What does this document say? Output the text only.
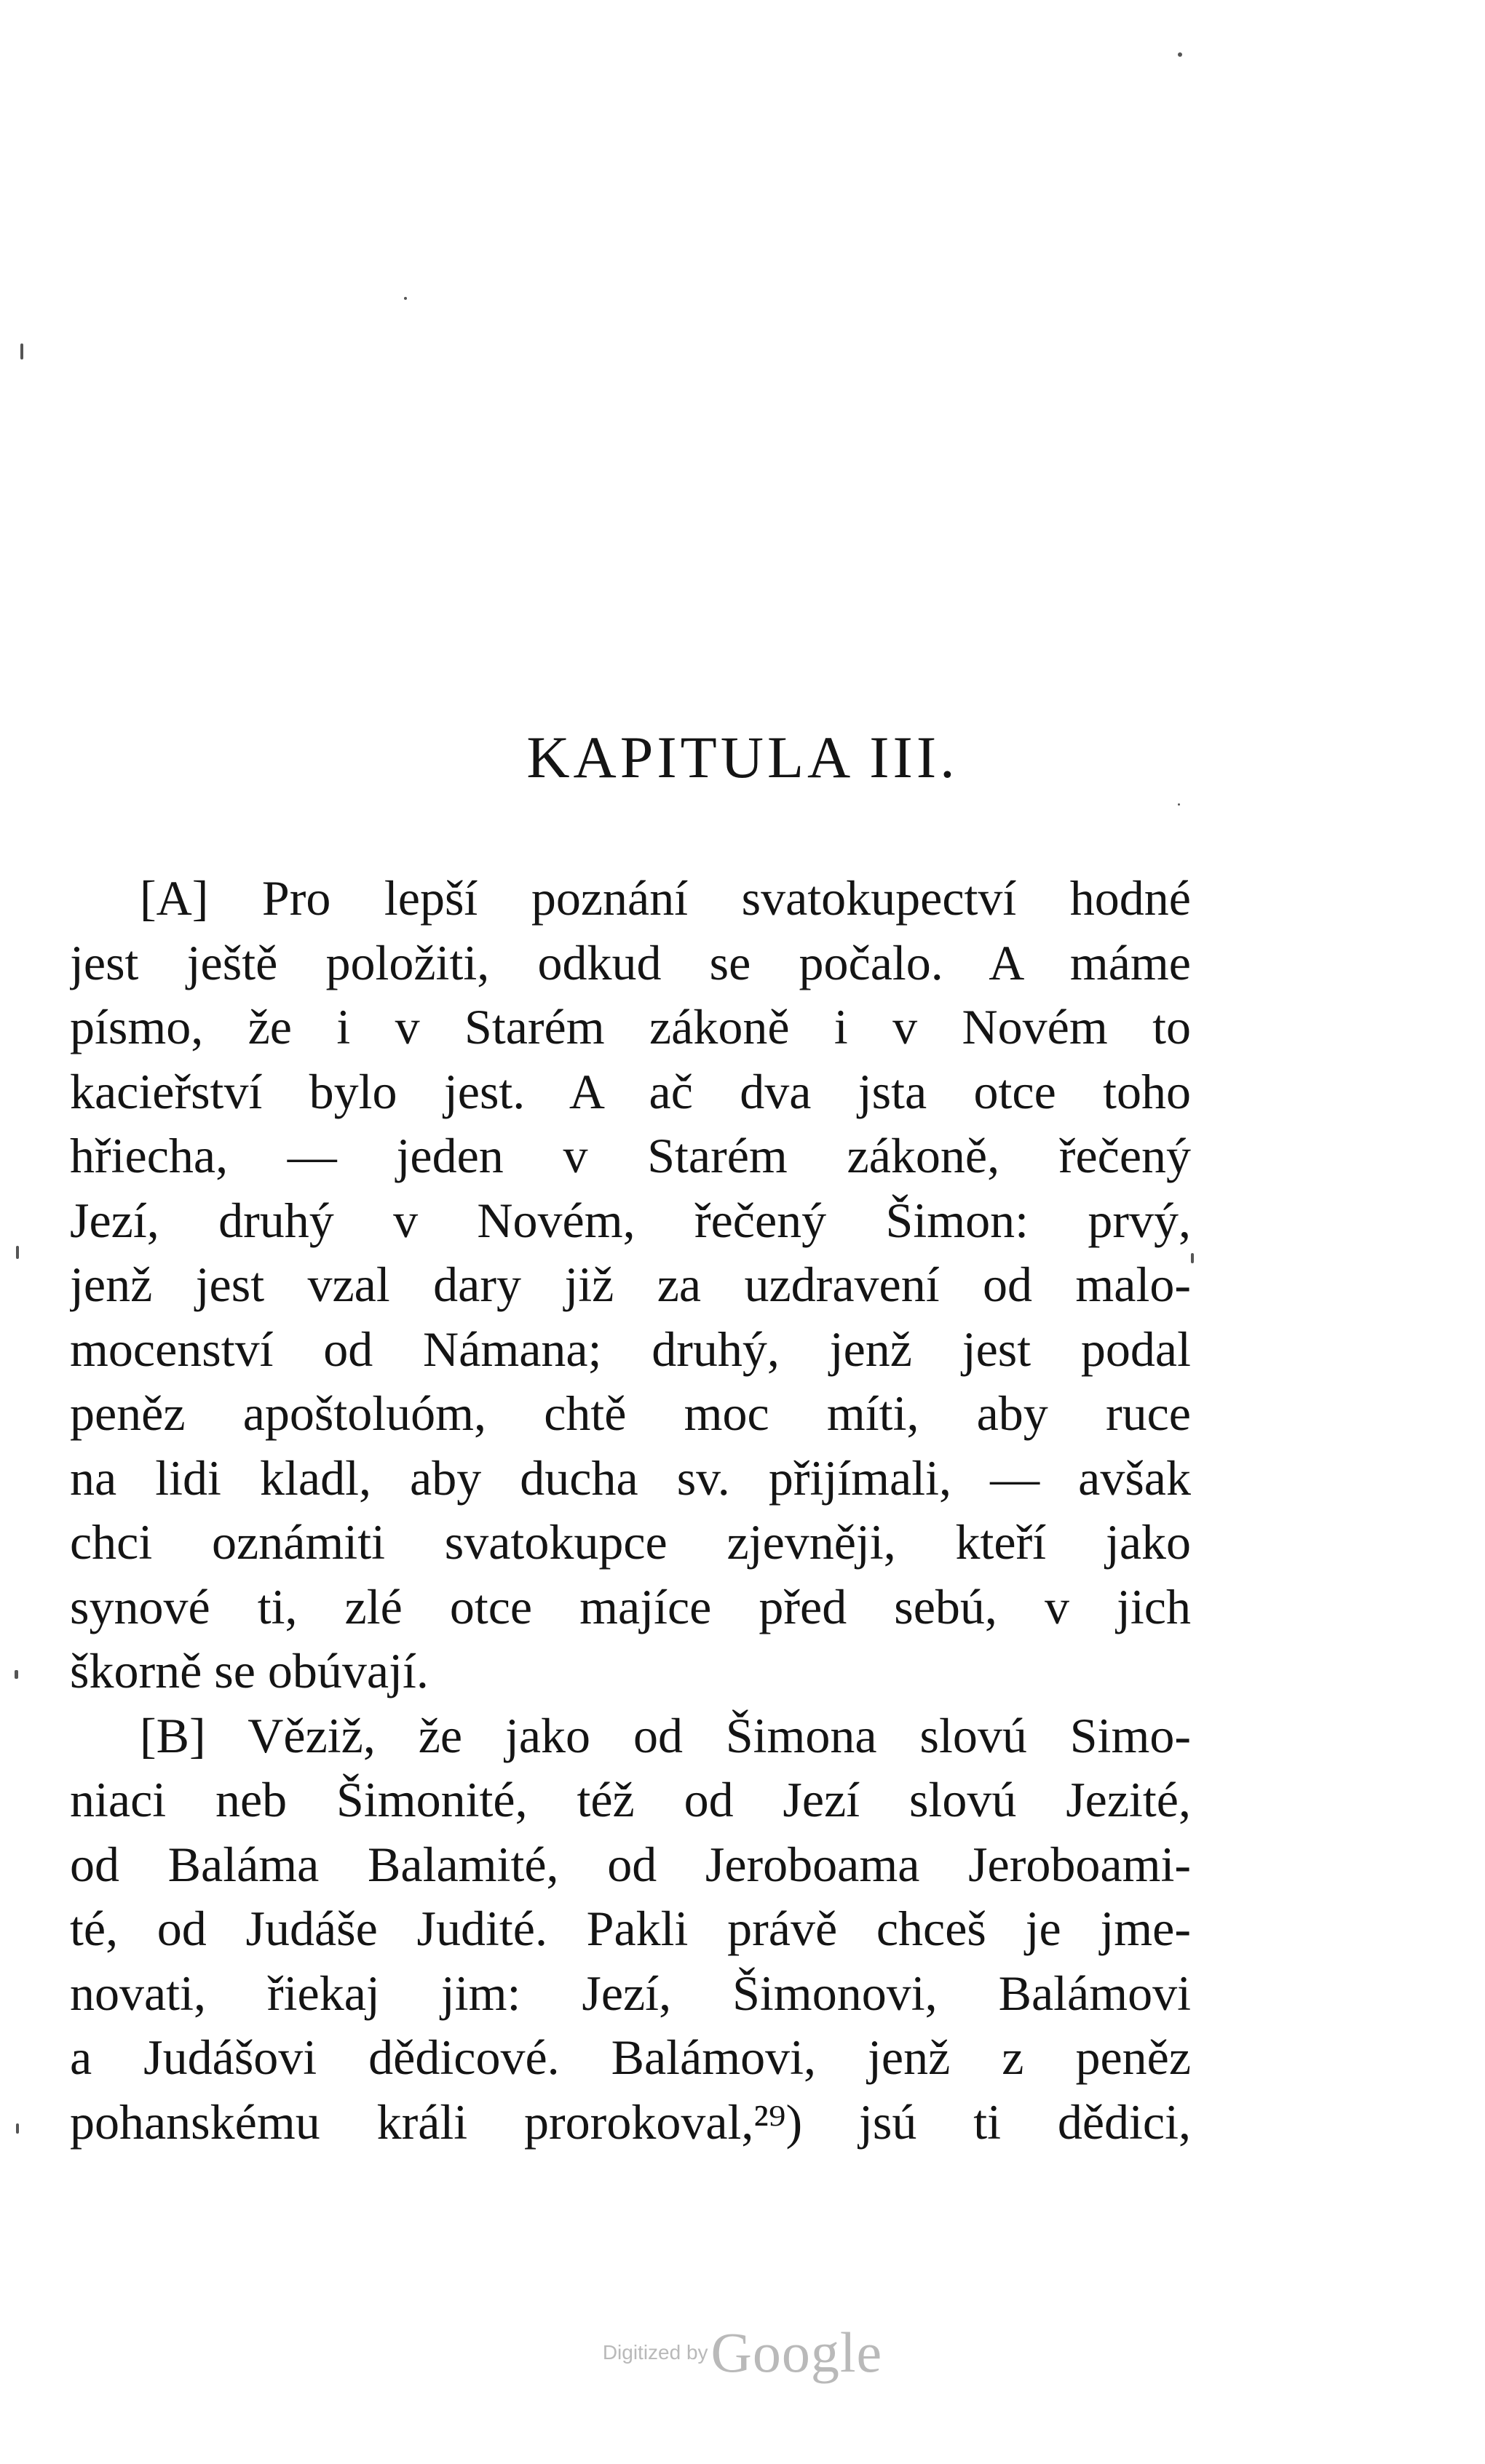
KAPITULA III.
[A] Pro lepší poznání svatokupectví hodné
jest ještě položiti, odkud se počalo. A máme
písmo, že i v Starém zákoně i v Novém to
kacieřství bylo jest. A ač dva jsta otce toho
hřiecha, — jeden v Starém zákoně, řečený
Jezí, druhý v Novém, řečený Šimon: prvý,
jenž jest vzal dary již za uzdravení od malo-
mocenství od Námana; druhý, jenž jest podal
peněz apoštoluóm, chtě moc míti, aby ruce
na lidi kladl, aby ducha sv. přijímali, — avšak
chci oznámiti svatokupce zjevněji, kteří jako
synové ti, zlé otce majíce před sebú, v jich
škorně se obúvají.
[B] Věziž, že jako od Šimona slovú Simo-
niaci neb Šimonité, též od Jezí slovú Jezité,
od Baláma Balamité, od Jeroboama Jeroboami-
té, od Judáše Judité. Pakli právě chceš je jme-
novati, řiekaj jim: Jezí, Šimonovi, Balámovi
a Judášovi dědicové. Balámovi, jenž z peněz
pohanskému králi prorokoval,²⁹) jsú ti dědici,
Digitized by Google
